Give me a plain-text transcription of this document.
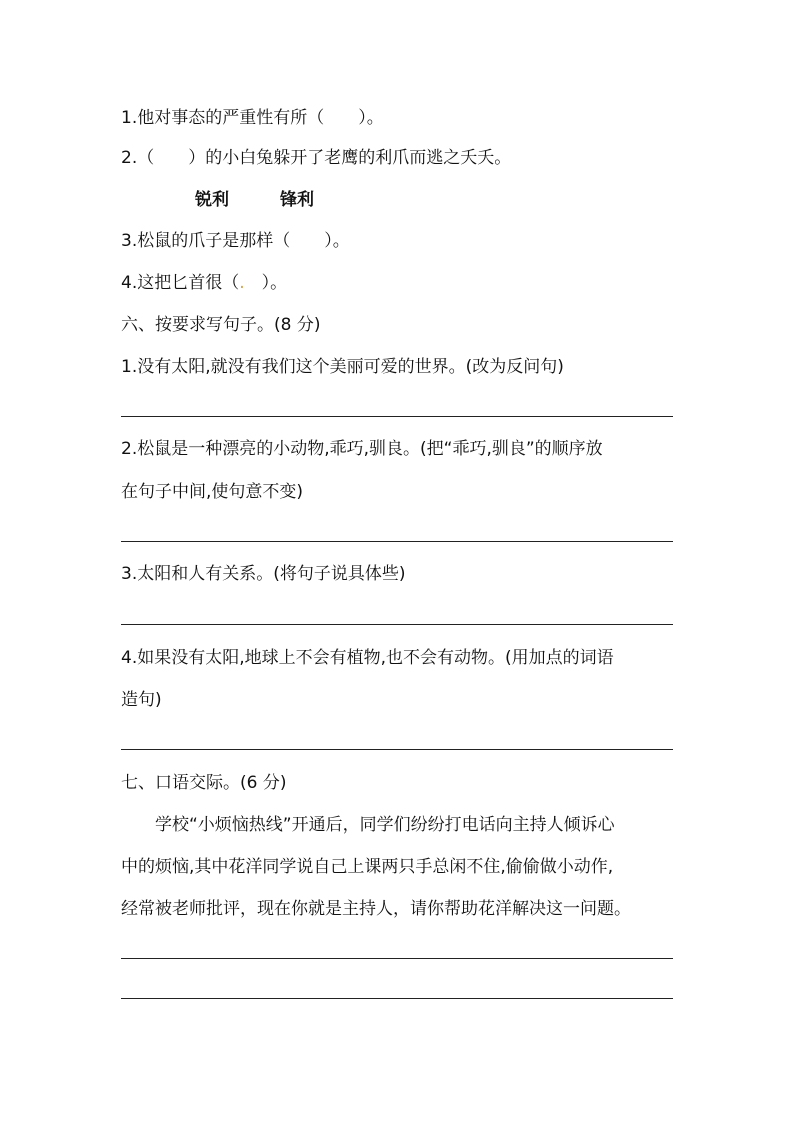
1.他对事态的严重性有所（　　）。
2.（　　）的小白兔躲开了老鹰的利爪而逃之夭夭。
锐利　　　锋利
3.松鼠的爪子是那样（　　）。
4.这把匕首很（.　）。
六、按要求写句子。(8 分)
1.没有太阳,就没有我们这个美丽可爱的世界。(改为反问句)
2.松鼠是一种漂亮的小动物,乖巧,驯良。(把“乖巧,驯良”的顺序放
在句子中间,使句意不变)
3.太阳和人有关系。(将句子说具体些)
4.如果没有太阳,地球上不会有植物,也不会有动物。(用加点的词语
造句)
七、口语交际。(6 分)
　　学校“小烦恼热线”开通后，同学们纷纷打电话向主持人倾诉心
中的烦恼,其中花洋同学说自己上课两只手总闲不住,偷偷做小动作,
经常被老师批评，现在你就是主持人，请你帮助花洋解决这一问题。
